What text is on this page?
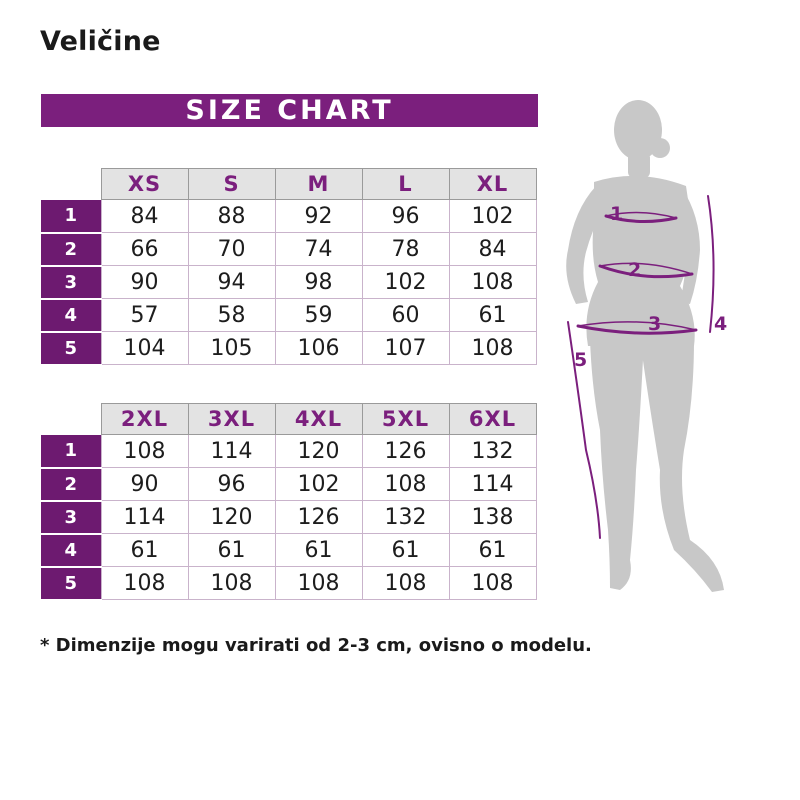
Veličine
SIZE CHART
	XS	S	M	L	XL
1	84	88	92	96	102
2	66	70	74	78	84
3	90	94	98	102	108
4	57	58	59	60	61
5	104	105	106	107	108
	2XL	3XL	4XL	5XL	6XL
1	108	114	120	126	132
2	90	96	102	108	114
3	114	120	126	132	138
4	61	61	61	61	61
5	108	108	108	108	108
1
2
3	4
5
* Dimenzije mogu varirati od 2-3 cm, ovisno o modelu.
